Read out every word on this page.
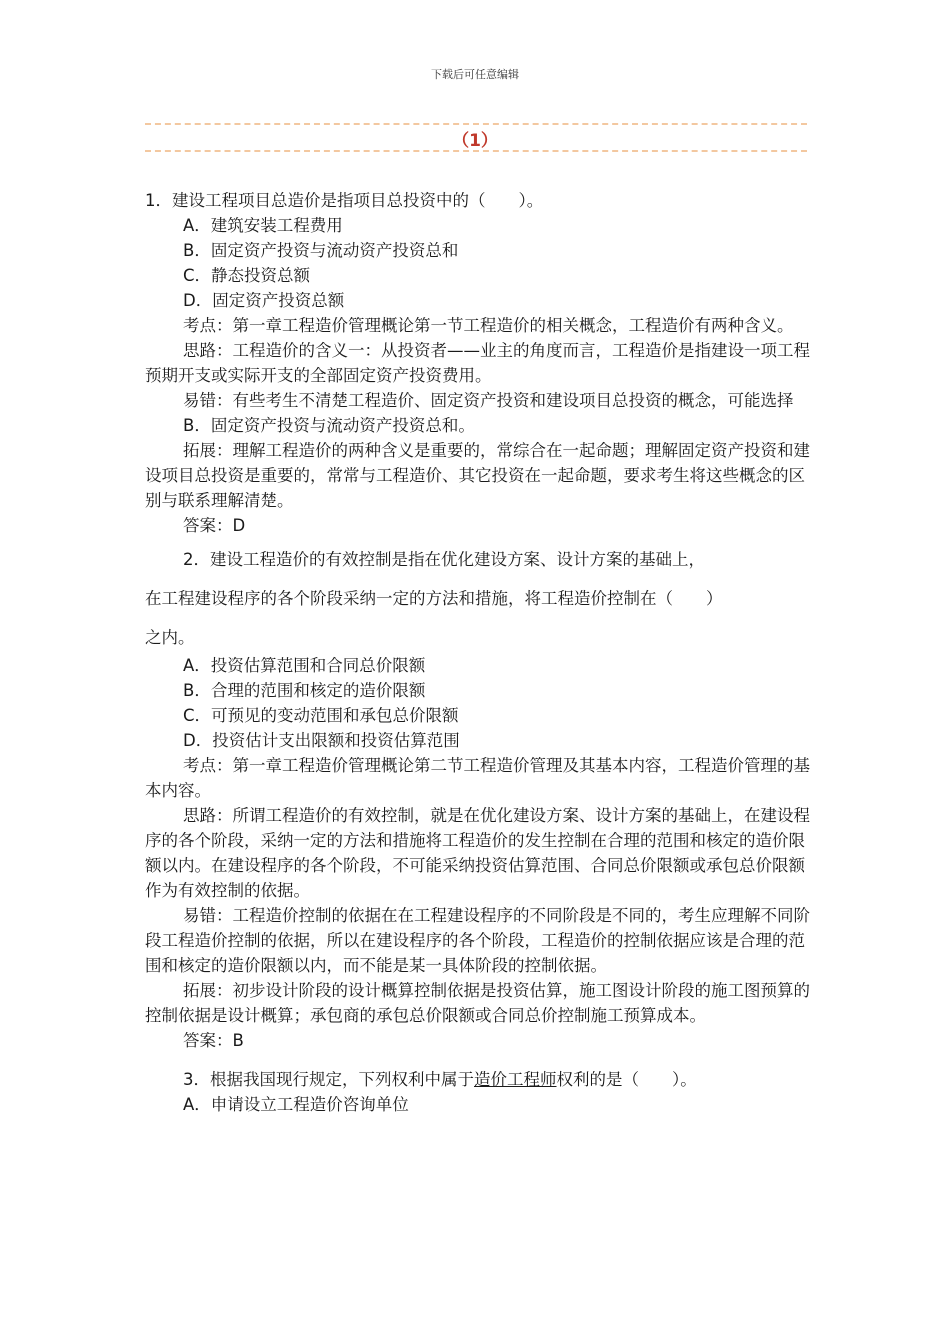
下载后可任意编辑
（1）

1．建设工程项目总造价是指项目总投资中的（　　）。

A．建筑安装工程费用

B．固定资产投资与流动资产投资总和

C．静态投资总额

D．固定资产投资总额

考点：第一章工程造价管理概论第一节工程造价的相关概念，工程造价有两种含义。

思路：工程造价的含义一：从投资者——业主的角度而言，工程造价是指建设一项工程预期开支或实际开支的全部固定资产投资费用。

易错：有些考生不清楚工程造价、固定资产投资和建设项目总投资的概念，可能选择

B．固定资产投资与流动资产投资总和。

拓展：理解工程造价的两种含义是重要的，常综合在一起命题；理解固定资产投资和建设项目总投资是重要的，常常与工程造价、其它投资在一起命题，要求考生将这些概念的区别与联系理解清楚。

答案：D

2．建设工程造价的有效控制是指在优化建设方案、设计方案的基础上，

在工程建设程序的各个阶段采纳一定的方法和措施，将工程造价控制在（　　）

之内。

A．投资估算范围和合同总价限额

B．合理的范围和核定的造价限额

C．可预见的变动范围和承包总价限额

D．投资估计支出限额和投资估算范围

考点：第一章工程造价管理概论第二节工程造价管理及其基本内容，工程造价管理的基本内容。

思路：所谓工程造价的有效控制，就是在优化建设方案、设计方案的基础上，在建设程序的各个阶段，采纳一定的方法和措施将工程造价的发生控制在合理的范围和核定的造价限额以内。在建设程序的各个阶段，不可能采纳投资估算范围、合同总价限额或承包总价限额作为有效控制的依据。

易错：工程造价控制的依据在在工程建设程序的不同阶段是不同的，考生应理解不同阶段工程造价控制的依据，所以在建设程序的各个阶段，工程造价的控制依据应该是合理的范围和核定的造价限额以内，而不能是某一具体阶段的控制依据。

拓展：初步设计阶段的设计概算控制依据是投资估算，施工图设计阶段的施工图预算的控制依据是设计概算；承包商的承包总价限额或合同总价控制施工预算成本。

答案：B

3．根据我国现行规定，下列权利中属于造价工程师权利的是（　　）。

A．申请设立工程造价咨询单位
